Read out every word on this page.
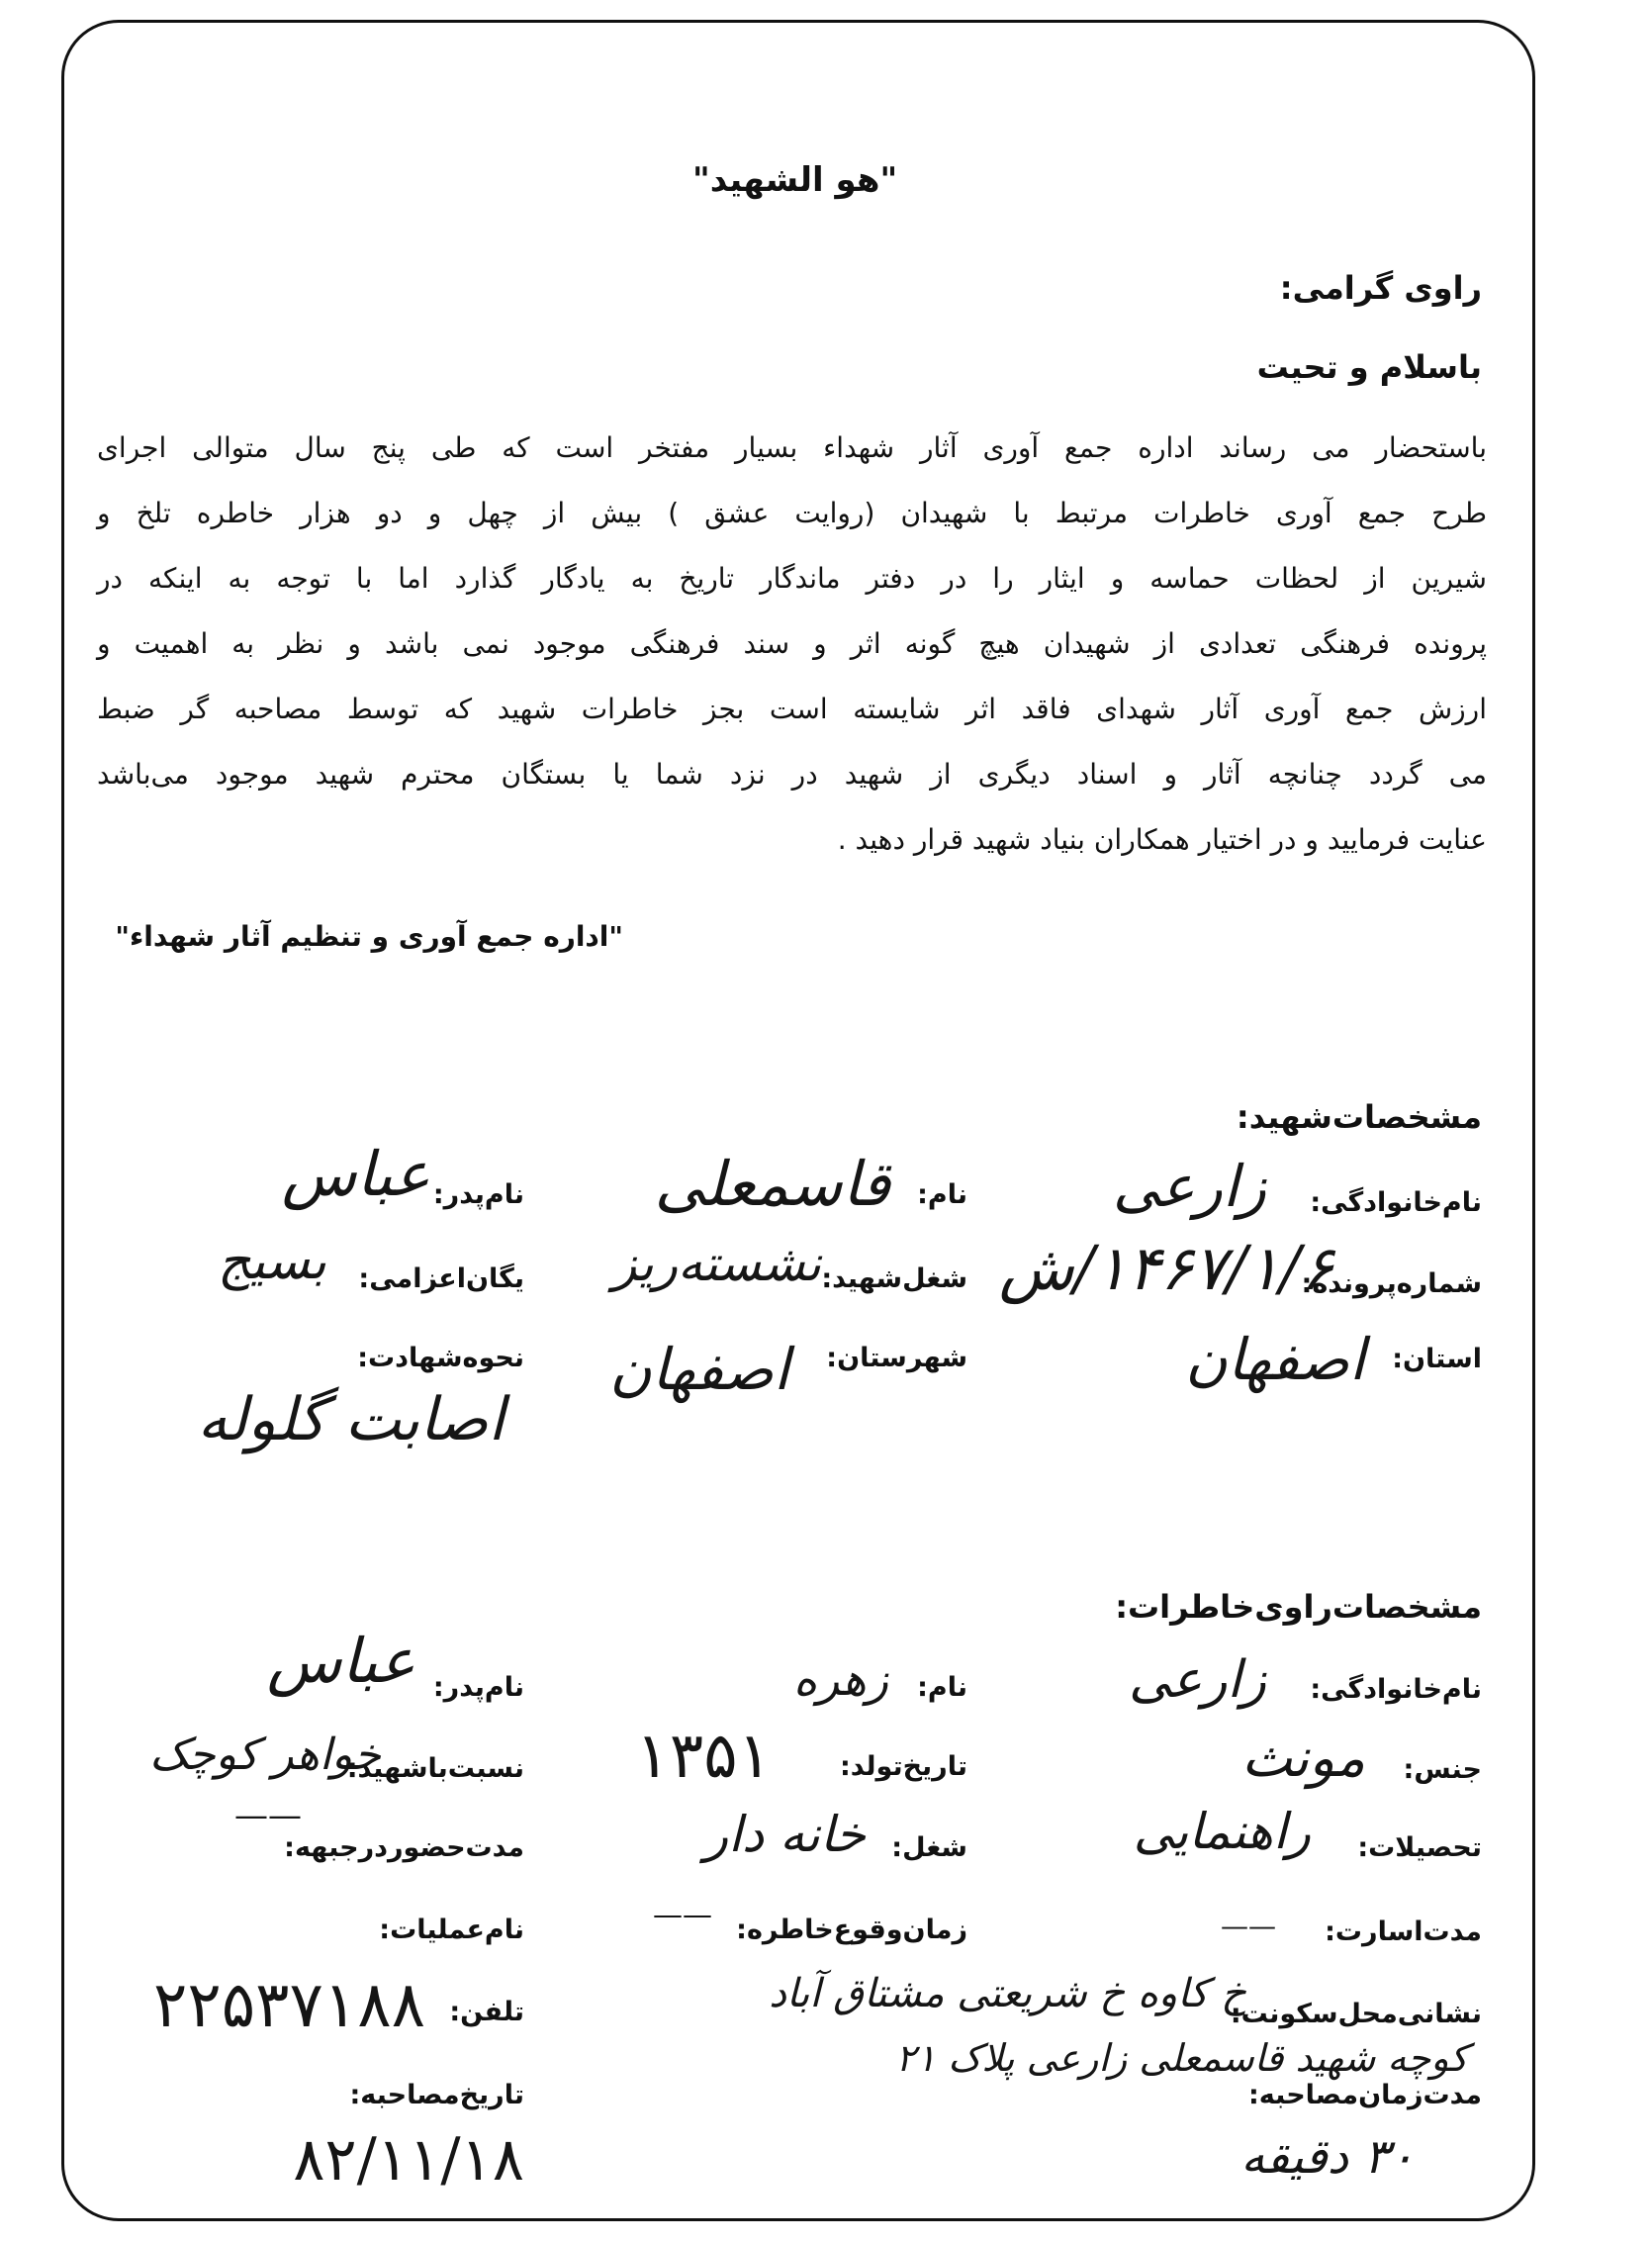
"هو الشهید"
راوی گرامی:
باسلام و تحیت
باستحضار می رساند اداره جمع آوری آثار شهداء بسیار مفتخر است که طی پنج سال متوالی اجرای
طرح جمع آوری خاطرات مرتبط با شهیدان (روایت عشق ) بیش از چهل و دو هزار خاطره تلخ و
شیرین از لحظات حماسه و ایثار را در دفتر ماندگار تاریخ به یادگار گذارد اما با توجه به اینکه در
پرونده فرهنگی تعدادی از شهیدان هیچ گونه اثر و سند فرهنگی موجود نمی باشد و نظر به اهمیت و
ارزش جمع آوری آثار شهدای فاقد اثر شایسته است بجز خاطرات شهید که توسط مصاحبه گر ضبط
می گردد چنانچه آثار و اسناد دیگری از شهید در نزد شما یا بستگان محترم شهید موجود می‌باشد
عنایت فرمایید و در اختیار همکاران بنیاد شهید قرار دهید .
"اداره جمع آوری و تنظیم آثار شهداء"
مشخصات‌شهید:
نام‌خانوادگی:
زارعی
نام:
قاسمعلی
نام‌پدر:
عباس
شماره‌پرونده:
۱۴۶۷/۱/۶/ش
شغل‌شهید:
نشسته‌ریز
یگان‌اعزامی:
بسیج
استان:
اصفهان
شهرستان:
اصفهان
نحوه‌شهادت:
اصابت گلوله
مشخصات‌راوی‌خاطرات:
نام‌خانوادگی:
زارعی
نام:
زهره
نام‌پدر:
عباس
جنس:
مونث
تاریخ‌تولد:
۱۳۵۱
نسبت‌باشهید:
خواهر کوچک
تحصیلات:
راهنمایی
شغل:
خانه دار
مدت‌حضوردرجبهه:
——
مدت‌اسارت:
——
زمان‌وقوع‌خاطره:
——
نام‌عملیات:
نشانی‌محل‌سکونت:
خ کاوه خ شریعتی مشتاق آباد
کوچه شهید قاسمعلی زارعی پلاک ۲۱
تلفن:
۲۲۵۳۷۱۸۸
مدت‌زمان‌مصاحبه:
۳۰ دقیقه
تاریخ‌مصاحبه:
۸۲/۱۱/۱۸
